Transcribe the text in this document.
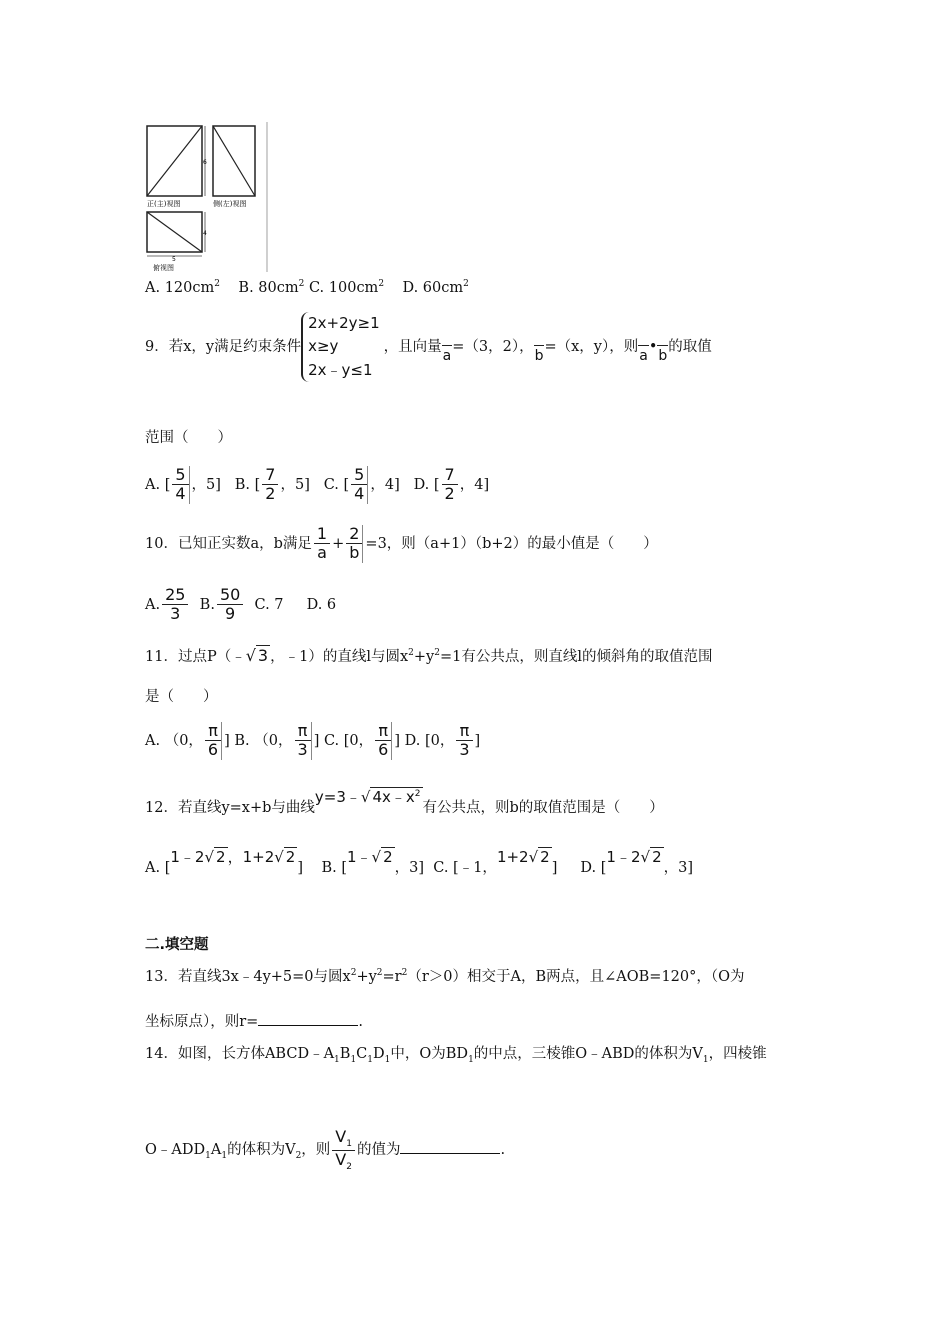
6
正(主)视图	侧(左)视图
4
5
俯视图
A. $120cm^2$ B. $80cm^2$ C. $100cm^2$ D. $60cm^2$
9．若x，y满足约束条件
2x+2y≥1
x≥y
2x﹣y≤1
，且向量a=（3，2），b=（x，y），则a•b的取值
范围（　　）
A. [ $\frac{5}{4}$ ，5] B. [ $\frac{7}{2}$ ，5] C. [ $\frac{5}{4}$ ，4] D. [ $\frac{7}{2}$ ，4]
10．已知正实数a，b满足 $\frac{1}{a} + \frac{2}{b} =3$，则（a+1）（b+2）的最小值是（　　）
A. $\frac{25}{3} B$. $\frac{50}{9} C$. 7 D. 6
11．过点P（﹣√ 3 ，﹣1）的直线l与圆$x^2+y^2=1$有公共点，则直线l的倾斜角的取值范围
是（　　）
A. （0， $\frac{\pi}{6}$ ] B. （0， $\frac{\pi}{3}$ ] C. [0， $\frac{\pi}{6}$ ] D. [0， $\frac{\pi}{3}$ ]
12．若直线y=x+b与曲线y=3﹣√ $4x﹣x^2$有公共点，则b的取值范围是（　　）
A. [1﹣2√ 2 ，1+2√ 2] B. [1﹣√ 2，3] C. [﹣1，1+2√ 2] D. [1﹣2√ 2，3]
二.填空题
13．若直线3x﹣4y+5=0与圆$x^2+y^2=r^2(r>0)$相交于A，B两点，且∠AOB=120°，（O为
坐标原点），则r=	.
14．如图，长方体$ABCD﹣A_1B_1C_1D_1$中，O为$BD_1$的中点，三棱锥O﹣ABD的体积为$V_1$，四棱锥
$O﹣ADD_1A_1$的体积为$V_2$，则 $\frac{V_1}{V_2}$ 的值为	.
